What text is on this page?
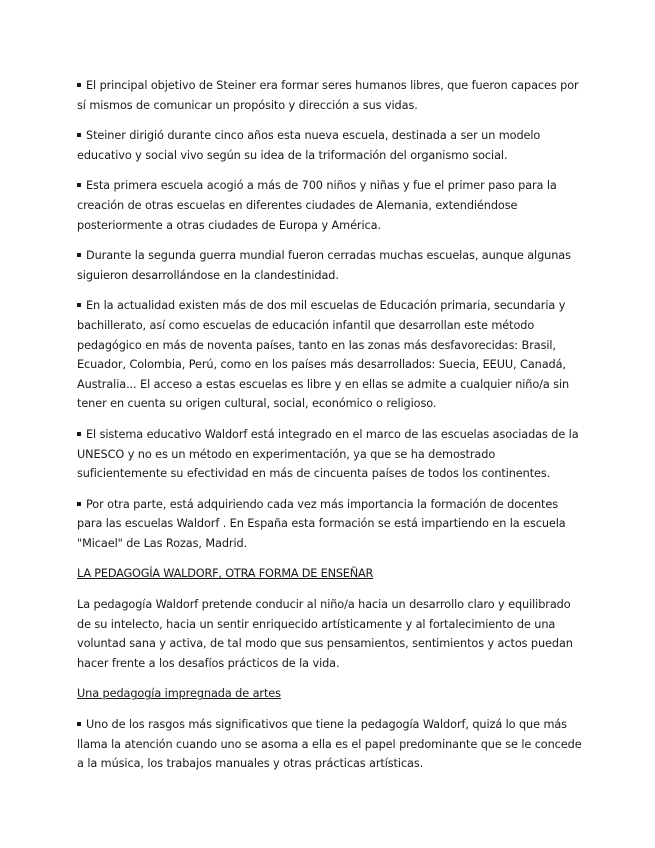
El principal objetivo de Steiner era formar seres humanos libres, que fueron capaces por sí mismos de comunicar un propósito y dirección a sus vidas.

Steiner dirigió durante cinco años esta nueva escuela, destinada a ser un modelo educativo y social vivo según su idea de la triformación del organismo social.

Esta primera escuela acogió a más de 700 niños y niñas y fue el primer paso para la creación de otras escuelas en diferentes ciudades de Alemania, extendiéndose posteriormente a otras ciudades de Europa y América.

Durante la segunda guerra mundial fueron cerradas muchas escuelas, aunque algunas siguieron desarrollándose en la clandestinidad.

En la actualidad existen más de dos mil escuelas de Educación primaria, secundaria y bachillerato, así como escuelas de educación infantil que desarrollan este método pedagógico en más de noventa países, tanto en las zonas más desfavorecidas: Brasil, Ecuador, Colombia, Perú, como en los países más desarrollados: Suecia, EEUU, Canadá, Australia... El acceso a estas escuelas es libre y en ellas se admite a cualquier niño/a sin tener en cuenta su origen cultural, social, económico o religioso.

El sistema educativo Waldorf está integrado en el marco de las escuelas asociadas de la UNESCO y no es un método en experimentación, ya que se ha demostrado suficientemente su efectividad en más de cincuenta países de todos los continentes.

Por otra parte, está adquiriendo cada vez más importancia la formación de docentes para las escuelas Waldorf . En España esta formación se está impartiendo en la escuela "Micael" de Las Rozas, Madrid.

LA PEDAGOGÍA WALDORF, OTRA FORMA DE ENSEÑAR

La pedagogía Waldorf pretende conducir al niño/a hacia un desarrollo claro y equilibrado de su intelecto, hacia un sentir enriquecido artísticamente y al fortalecimiento de una voluntad sana y activa, de tal modo que sus pensamientos, sentimientos y actos puedan hacer frente a los desafíos prácticos de la vida.

Una pedagogía impregnada de artes

Uno de los rasgos más significativos que tiene la pedagogía Waldorf, quizá lo que más llama la atención cuando uno se asoma a ella es el papel predominante que se le concede a la música, los trabajos manuales y otras prácticas artísticas.
